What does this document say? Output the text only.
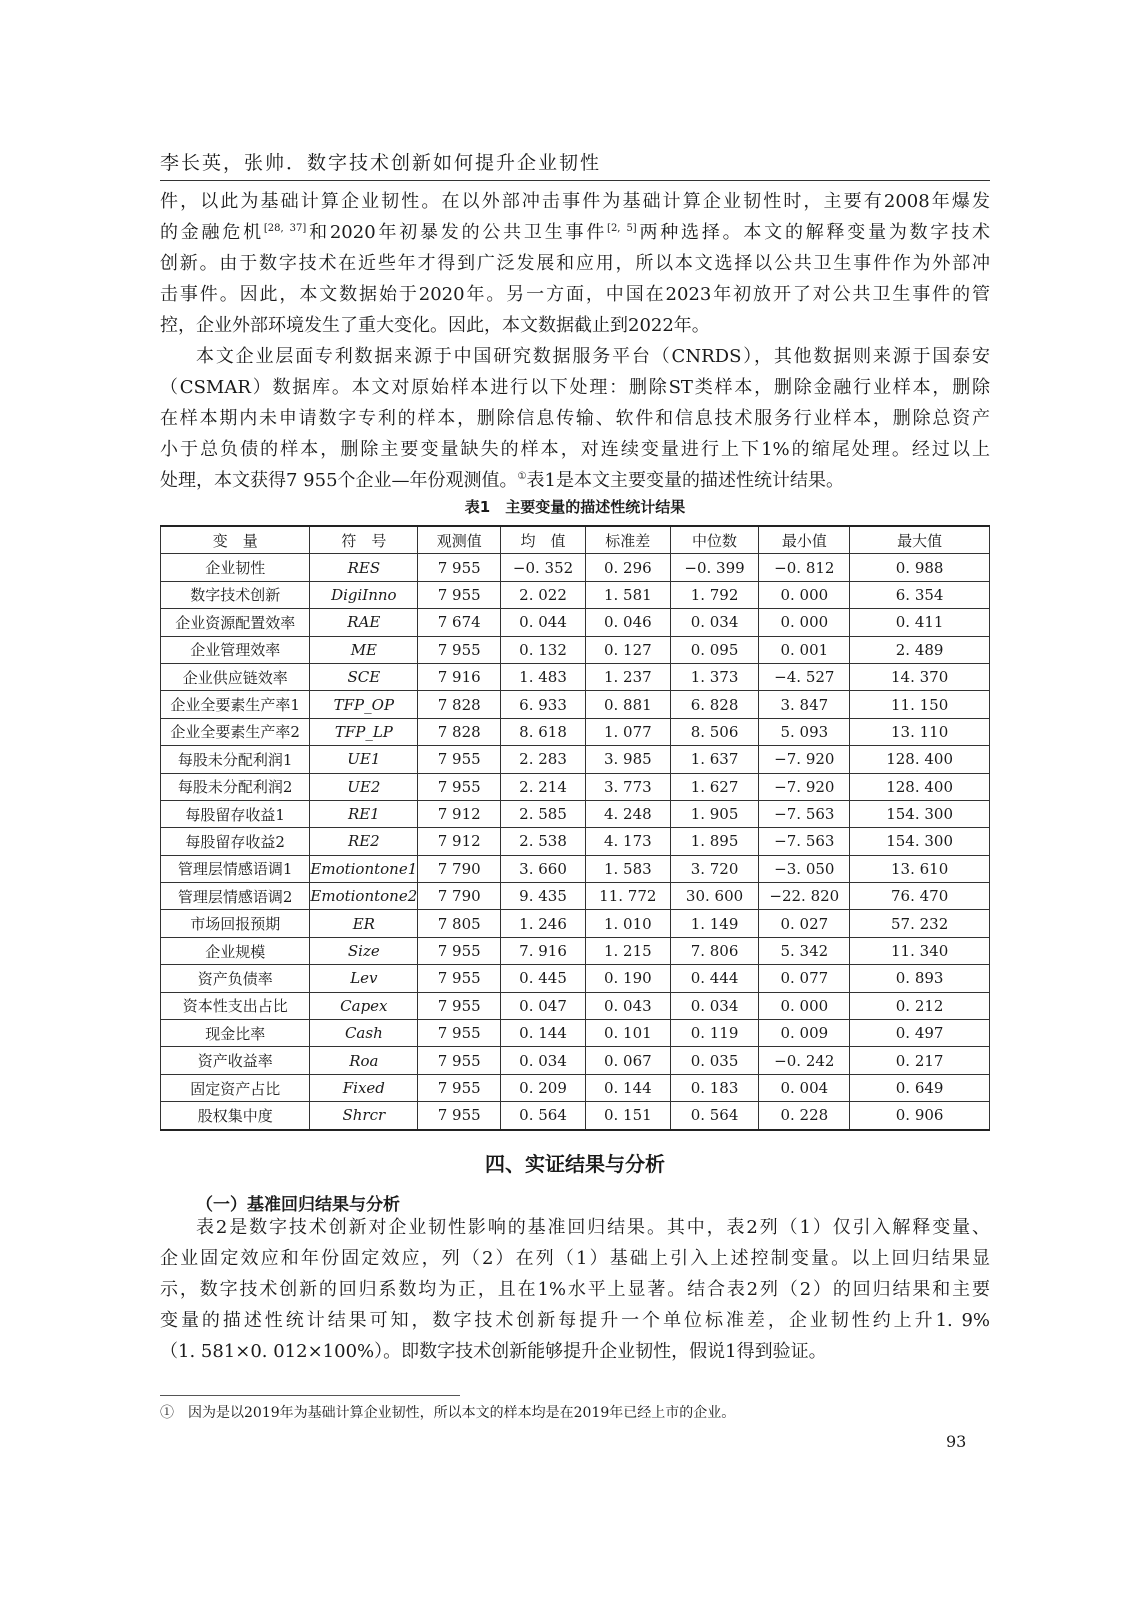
李长英，张帅．数字技术创新如何提升企业韧性

件，以此为基础计算企业韧性。在以外部冲击事件为基础计算企业韧性时，主要有2008年爆发
的金融危机[28, 37]和2020年初暴发的公共卫生事件[2, 5]两种选择。本文的解释变量为数字技术
创新。由于数字技术在近些年才得到广泛发展和应用，所以本文选择以公共卫生事件作为外部冲
击事件。因此，本文数据始于2020年。另一方面，中国在2023年初放开了对公共卫生事件的管
控，企业外部环境发生了重大变化。因此，本文数据截止到2022年。

本文企业层面专利数据来源于中国研究数据服务平台（CNRDS），其他数据则来源于国泰安
（CSMAR）数据库。本文对原始样本进行以下处理：删除ST类样本，删除金融行业样本，删除
在样本期内未申请数字专利的样本，删除信息传输、软件和信息技术服务行业样本，删除总资产
小于总负债的样本，删除主要变量缺失的样本，对连续变量进行上下1%的缩尾处理。经过以上
处理，本文获得7 955个企业—年份观测值。①表1是本文主要变量的描述性统计结果。

表1　主要变量的描述性统计结果
变　量	符　号	观测值	均　值	标准差	中位数	最小值	最大值
企业韧性	RES	7 955	−0. 352	0. 296	−0. 399	−0. 812	0. 988
数字技术创新	DigiInno	7 955	2. 022	1. 581	1. 792	0. 000	6. 354
企业资源配置效率	RAE	7 674	0. 044	0. 046	0. 034	0. 000	0. 411
企业管理效率	ME	7 955	0. 132	0. 127	0. 095	0. 001	2. 489
企业供应链效率	SCE	7 916	1. 483	1. 237	1. 373	−4. 527	14. 370
企业全要素生产率1	TFP_OP	7 828	6. 933	0. 881	6. 828	3. 847	11. 150
企业全要素生产率2	TFP_LP	7 828	8. 618	1. 077	8. 506	5. 093	13. 110
每股未分配利润1	UE1	7 955	2. 283	3. 985	1. 637	−7. 920	128. 400
每股未分配利润2	UE2	7 955	2. 214	3. 773	1. 627	−7. 920	128. 400
每股留存收益1	RE1	7 912	2. 585	4. 248	1. 905	−7. 563	154. 300
每股留存收益2	RE2	7 912	2. 538	4. 173	1. 895	−7. 563	154. 300
管理层情感语调1	Emotiontone1	7 790	3. 660	1. 583	3. 720	−3. 050	13. 610
管理层情感语调2	Emotiontone2	7 790	9. 435	11. 772	30. 600	−22. 820	76. 470
市场回报预期	ER	7 805	1. 246	1. 010	1. 149	0. 027	57. 232
企业规模	Size	7 955	7. 916	1. 215	7. 806	5. 342	11. 340
资产负债率	Lev	7 955	0. 445	0. 190	0. 444	0. 077	0. 893
资本性支出占比	Capex	7 955	0. 047	0. 043	0. 034	0. 000	0. 212
现金比率	Cash	7 955	0. 144	0. 101	0. 119	0. 009	0. 497
资产收益率	Roa	7 955	0. 034	0. 067	0. 035	−0. 242	0. 217
固定资产占比	Fixed	7 955	0. 209	0. 144	0. 183	0. 004	0. 649
股权集中度	Shrcr	7 955	0. 564	0. 151	0. 564	0. 228	0. 906
四、实证结果与分析
（一）基准回归结果与分析

表2是数字技术创新对企业韧性影响的基准回归结果。其中，表2列（1）仅引入解释变量、
企业固定效应和年份固定效应，列（2）在列（1）基础上引入上述控制变量。以上回归结果显
示，数字技术创新的回归系数均为正，且在1%水平上显著。结合表2列（2）的回归结果和主要
变量的描述性统计结果可知，数字技术创新每提升一个单位标准差，企业韧性约上升1. 9%
（1. 581×0. 012×100%）。即数字技术创新能够提升企业韧性，假说1得到验证。

①　因为是以2019年为基础计算企业韧性，所以本文的样本均是在2019年已经上市的企业。
93
